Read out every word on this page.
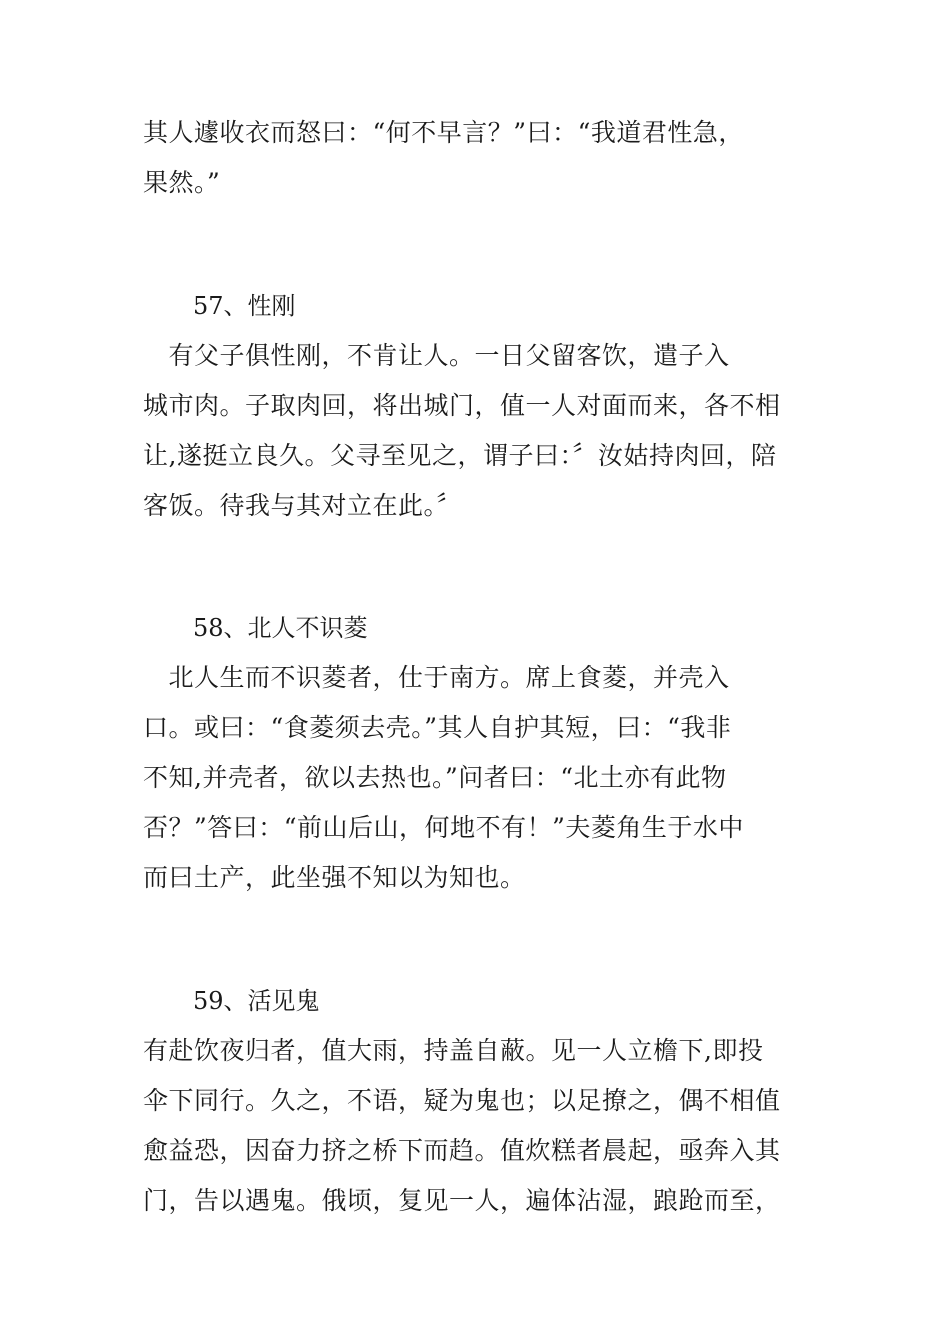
其人遽收衣而怒曰：“何不早言？”曰：“我道君性急，
果然。”
57、性刚
　有父子俱性刚，不肯让人。一日父留客饮，遣子入
城市肉。子取肉回，将出城门，值一人对面而来，各不相
让,遂挺立良久。父寻至见之，谓子曰：〞汝姑持肉回，陪
客饭。待我与其对立在此。〞
58、北人不识菱
　北人生而不识菱者，仕于南方。席上食菱，并壳入
口。或曰：“食菱须去壳。”其人自护其短，曰：“我非
不知,并壳者，欲以去热也。”问者曰：“北土亦有此物
否？”答曰：“前山后山，何地不有！”夫菱角生于水中
而曰土产，此坐强不知以为知也。
59、活见鬼
有赴饮夜归者，值大雨，持盖自蔽。见一人立檐下,即投
伞下同行。久之，不语，疑为鬼也；以足撩之，偶不相值
愈益恐，因奋力挤之桥下而趋。值炊糕者晨起，亟奔入其
门，告以遇鬼。俄顷，复见一人，遍体沾湿，踉跄而至，
